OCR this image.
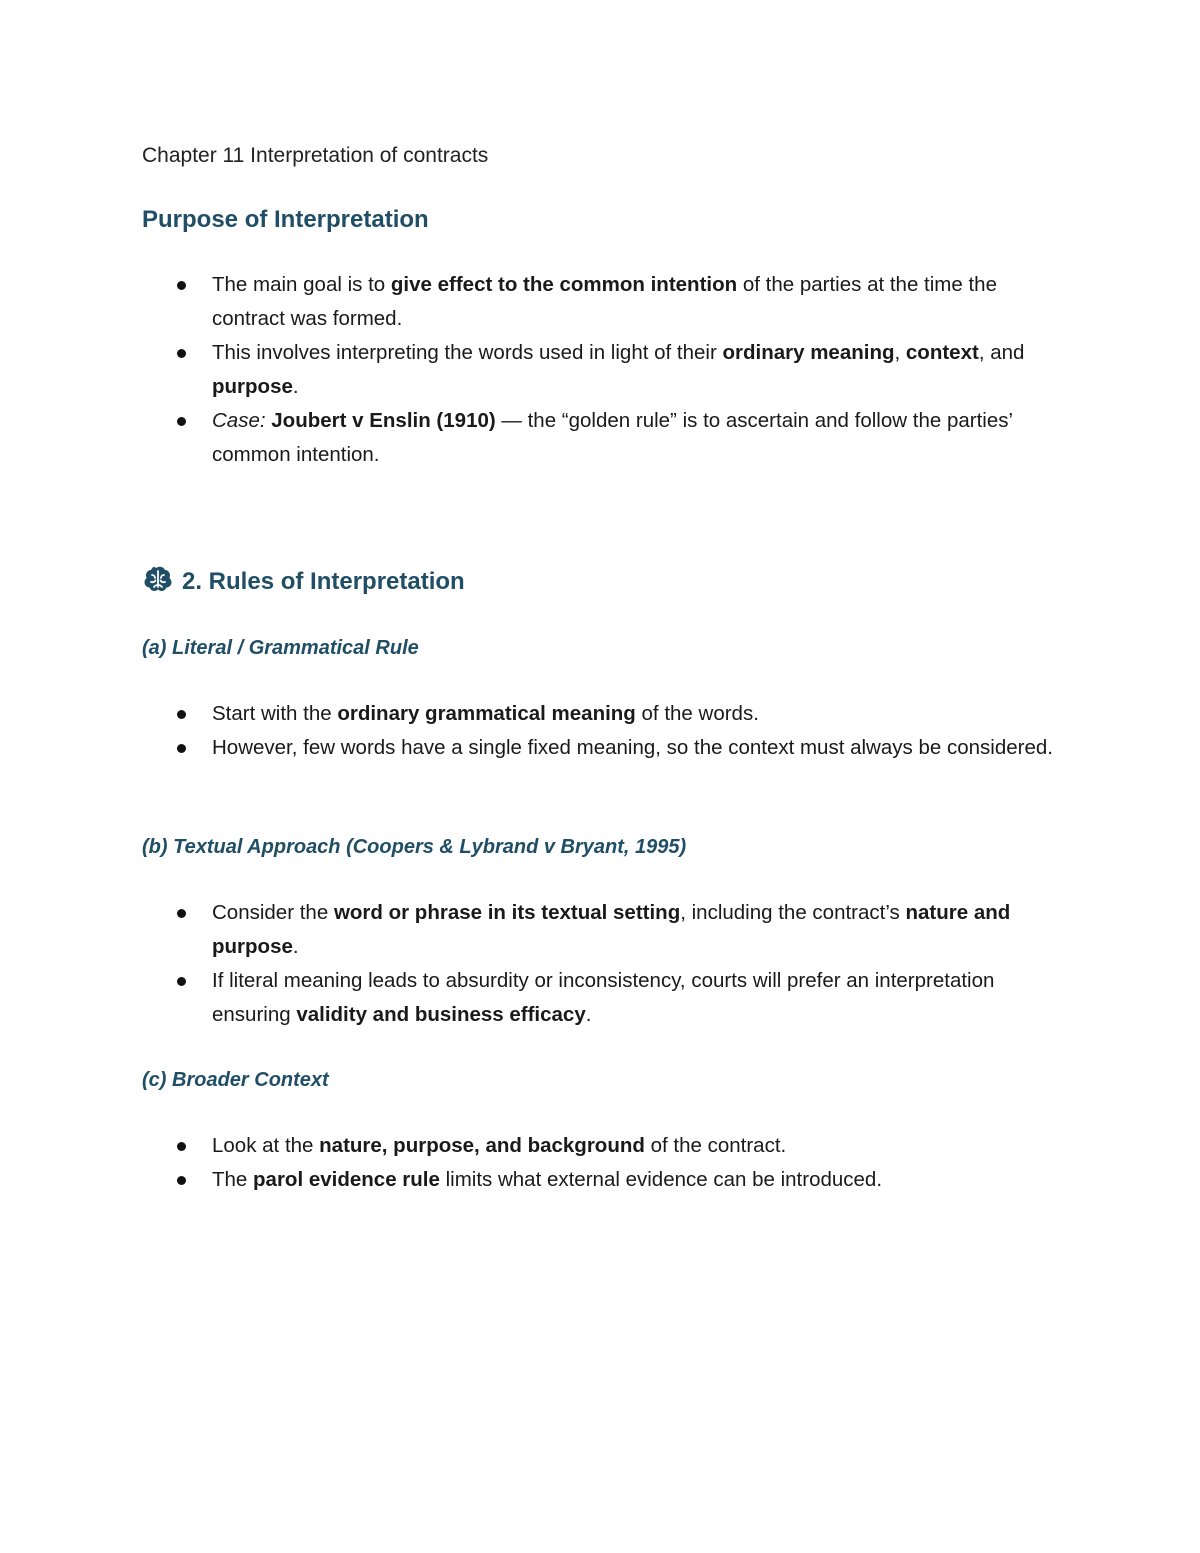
Chapter 11 Interpretation of contracts
Purpose of Interpretation
The main goal is to give effect to the common intention of the parties at the time the contract was formed.
This involves interpreting the words used in light of their ordinary meaning, context, and purpose.
Case: Joubert v Enslin (1910) — the “golden rule” is to ascertain and follow the parties’ common intention.
2. Rules of Interpretation
(a) Literal / Grammatical Rule
Start with the ordinary grammatical meaning of the words.
However, few words have a single fixed meaning, so the context must always be considered.
(b) Textual Approach (Coopers & Lybrand v Bryant, 1995)
Consider the word or phrase in its textual setting, including the contract’s nature and purpose.
If literal meaning leads to absurdity or inconsistency, courts will prefer an interpretation ensuring validity and business efficacy.
(c) Broader Context
Look at the nature, purpose, and background of the contract.
The parol evidence rule limits what external evidence can be introduced.
